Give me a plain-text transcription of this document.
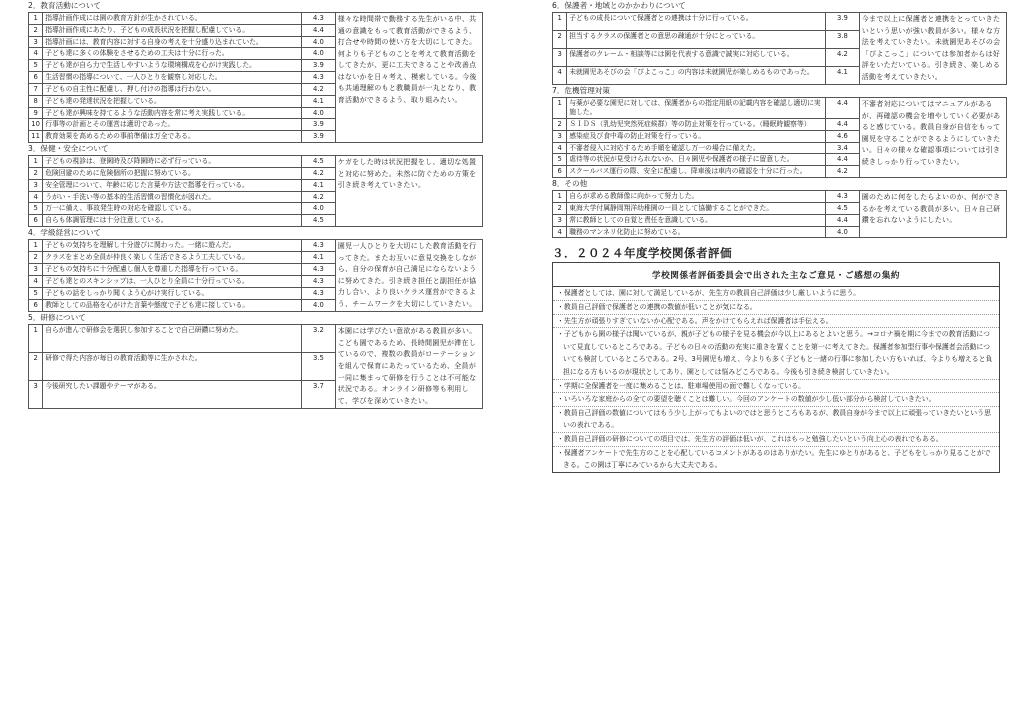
2．教育活動について
1	指導計画作成には園の教育方針が生かされている。	4.3	様々な時間帯で勤務する先生がいる中、共通の意識をもって教育活動ができるよう、打合せや時間の使い方を大切にしてきた。何よりも子どものことを考えて教育活動をしてきたが、更に工夫できることや改善点はないかを日々考え、模索している。今後も共通理解のもと教職員が一丸となり、教育活動ができるよう、取り組みたい。
2	指導計画作成にあたり、子どもの成長状況を把握し配慮している。	4.4	
3	指導計画には、教育内容に対する自身の考えを十分盛り込まれていた。	4.0	
4	子ども達に多くの体験をさせるための工夫は十分に行った。	4.0	
5	子ども達が自ら力で生活しやすいような環境構成を心がけ実践した。	3.9	
6	生活習慣の指導について、一人ひとりを観察し対応した。	4.3	
7	子どもの自主性に配慮し、押し付けの指導は行わない。	4.2	
8	子ども達の発達状況を把握している。	4.1	
9	子ども達が興味を持てるような活動内容を常に考え実践している。	4.0	
10	行事等の計画とその運営は適切であった。	3.9	
11	教育効果を高めるための事前準備は万全である。	3.9	
3．保健・安全について
1	子どもの視診は、登園時及び降園時に必ず行っている。	4.5	ケガをした時は状況把握をし、適切な処置と対応に努めた。未然に防ぐための方策を引き続き考えていきたい。
2	危険回避のために危険個所の把握に努めている。	4.2	
3	安全管理について、年齢に応じた言葉や方法で指導を行っている。	4.1	
4	うがい・手洗い等の基本的生活習慣の習慣化が図れた。	4.2	
5	万一に備え、事故発生時の対応を確認している。	4.0	
6	自らも体調管理には十分注意している。	4.5	
4．学級経営について
1	子どもの気持ちを理解し十分遊びに関わった。一緒に遊んだ。	4.3	園児一人ひとりを大切にした教育活動を行ってきた。またお互いに意見交換をしながら、自分の保育が自己満足にならないように努めてきた。引き続き担任と副担任が協力し合い、より良いクラス運営ができるよう、チームワークを大切にしていきたい。
2	クラスをまとめ全員が仲良く楽しく生活できるよう工夫している。	4.1	
3	子どもの気持ちに十分配慮し個人を尊重した指導を行っている。	4.3	
4	子ども達とのスキンシップは、一人ひとり全員に十分行っている。	4.3	
5	子どもの話をしっかり聞くよう心がけ実行している。	4.3	
6	教師としての品格を心がけた言葉や態度で子ども達に接している。	4.0	
5．研修について
1	自らが進んで研修会を選択し参加することで自己研鑽に努めた。	3.2	本園には学びたい意欲がある教員が多い。こども園であるため、長時間園児が滞在しているので、複数の教員がローテーションを組んで保育にあたっているため、全員が一同に集まって研修を行うことは不可能な状況である。オンライン研修等も利用して、学びを深めていきたい。
2	研修で得た内容が毎日の教育活動等に生かされた。	3.5	
3	今後研究したい課題やテーマがある。	3.7	
6．保護者・地域とのかかわりについて
1	子どもの成長について保護者との連携は十分に行っている。	3.9	今まで以上に保護者と連携をとっていきたいという思いが強い教員が多い。様々な方法を考えていきたい。未就園児あそびの会「ぴよこっこ」については参加者からは好評をいただいている。引き続き、楽しめる活動を考えていきたい。
2	担当するクラスの保護者との意思の疎通が十分にとっている。	3.8	
3	保護者のクレーム・相談等には園を代表する意識で誠実に対応している。	4.2	
4	未就園児あそびの会「ぴよこっこ」の内容は未就園児が楽しめるものであった。	4.1	
7．危機管理対策
1	与薬が必要な園児に対しては、保護者からの指定用紙の記載内容を確認し適切に実施した。	4.4	不審者対応についてはマニュアルがあるが、再確認の機会を増やしていく必要があると感じている。教員自身が自信をもって園児を守ることができるようにしていきたい。日々の様々な確認事項については引き続きしっかり行っていきたい。
2	ＳＩＤＳ（乳幼児突然死症候群）等の防止対策を行っている。（睡眠時観察等）	4.4	
3	感染症及び食中毒の防止対策を行っている。	4.6	
4	不審者侵入に対応するため手順を確認し万一の場合に備えた。	3.4	
5	虐待等の状況が見受けられないか、日々園児や保護者の様子に留意した。	4.4	
6	スクールバス運行の際、安全に配慮し、降車後は車内の確認を十分に行った。	4.2	
8．その他
1	自らが求める教師像に向かって努力した。	4.3	園のために何をしたらよいのか、何ができるかを考えている教員が多い。日々自己研鑽を忘れないようにしたい。
2	東海大学付属静岡翔洋幼稚園の一員として協働することができた。	4.5	
3	常に教師としての自覚と責任を意識している。	4.4	
4	職務のマンネリ化防止に努めている。	4.0	
３．２０２４年度学校関係者評価
学校関係者評価委員会で出された主なご意見・ご感想の集約
・保護者としては、園に対して満足しているが、先生方の教員自己評価は少し厳しいように思う。
・教員自己評価で保護者との連携の数値が低いことが気になる。
・先生方が頑張りすぎていないか心配である。声をかけてもらえれば保護者は手伝える。
・子どもから園の様子は聞いているが、親が子どもの様子を見る機会が今以上にあるとよいと思う。→コロナ禍を期に今までの教育活動について見直しているところである。子どもの日々の活動の充実に重きを置くことを第一に考えてきた。保護者参加型行事や保護者会活動についても検討しているところである。2号、3号園児も増え、今よりも多く子どもと一緒の行事に参加したい方もいれば、今よりも増えると負担になる方もいるのが現状としてあり、園としては悩みどころである。今後も引き続き検討していきたい。
・学期に全保護者を一度に集めることは、駐車場使用の面で難しくなっている。
・いろいろな家庭からの全ての要望を聴くことは難しい。今回のアンケートの数値が少し低い部分から検討していきたい。
・教員自己評価の数値についてはもう少し上がってもよいのではと思うところもあるが、教員自身が今まで以上に頑張っていきたいという思いの表れである。
・教員自己評価の研修についての項目では、先生方の評価は低いが、これはもっと勉強したいという向上心の表れでもある。
・保護者アンケートで先生方のことを心配しているコメントがあるのはありがたい。先生にゆとりがあると、子どもをしっかり見ることができる。この園は丁寧にみているから大丈夫である。
